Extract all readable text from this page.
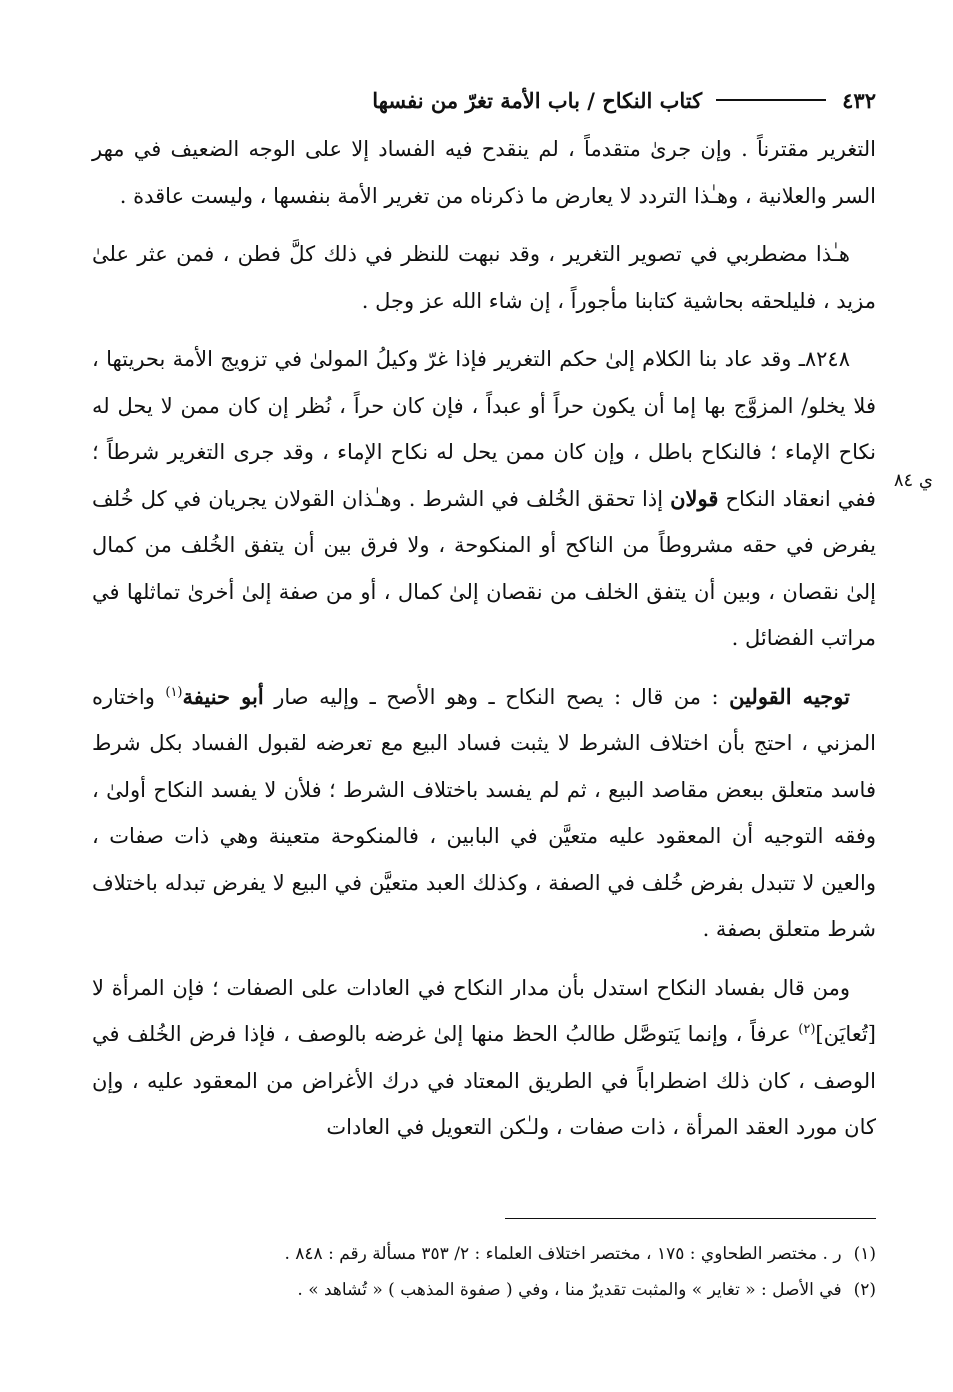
٤٣٢
كتاب النكاح / باب الأمة تغرّ من نفسها
ي ٨٤

التغرير مقترناً . وإن جرىٰ متقدماً ، لم ينقدح فيه الفساد إلا على الوجه الضعيف في مهر السر والعلانية ، وهـٰذا التردد لا يعارض ما ذكرناه من تغرير الأمة بنفسها ، وليست عاقدة .

هـٰذا مضطربي في تصوير التغرير ، وقد نبهت للنظر في ذلك كلَّ فطن ، فمن عثر علىٰ مزيد ، فليلحقه بحاشية كتابنا مأجوراً ، إن شاء الله عز وجل .

٨٢٤٨ـ وقد عاد بنا الكلام إلىٰ حكم التغرير فإذا غرّ وكيلُ المولىٰ في تزويج الأمة بحريتها ، فلا يخلو/ المزوَّج بها إما أن يكون حراً أو عبداً ، فإن كان حراً ، نُظر إن كان ممن لا يحل له نكاح الإماء ؛ فالنكاح باطل ، وإن كان ممن يحل له نكاح الإماء ، وقد جرى التغرير شرطاً ؛ ففي انعقاد النكاح قولان إذا تحقق الخُلف في الشرط . وهـٰذان القولان يجريان في كل خُلف يفرض في حقه مشروطاً من الناكح أو المنكوحة ، ولا فرق بين أن يتفق الخُلف من كمال إلىٰ نقصان ، وبين أن يتفق الخلف من نقصان إلىٰ كمال ، أو من صفة إلىٰ أخرىٰ تماثلها في مراتب الفضائل .

توجيه القولين : من قال : يصح النكاح ـ وهو الأصح ـ وإليه صار أبو حنيفة$^{(١)}$ واختاره المزني ، احتج بأن اختلاف الشرط لا يثبت فساد البيع مع تعرضه لقبول الفساد بكل شرط فاسد متعلق ببعض مقاصد البيع ، ثم لم يفسد باختلاف الشرط ؛ فلأن لا يفسد النكاح أولىٰ ، وفقه التوجيه أن المعقود عليه متعيَّن في البابين ، فالمنكوحة متعينة وهي ذات صفات ، والعين لا تتبدل بفرض خُلف في الصفة ، وكذلك العبد متعيَّن في البيع لا يفرض تبدله باختلاف شرط متعلق بصفة .

ومن قال بفساد النكاح استدل بأن مدار النكاح في العادات على الصفات ؛ فإن المرأة لا [تُعايَن]$^{(٢)}$ عرفاً ، وإنما يَتوصَّل طالبُ الحظ منها إلىٰ غرضه بالوصف ، فإذا فرض الخُلف في الوصف ، كان ذلك اضطراباً في الطريق المعتاد في درك الأغراض من المعقود عليه ، وإن كان مورد العقد المرأة ، ذات صفات ، ولـٰكن التعويل في العادات

(١)ر . مختصر الطحاوي : ١٧٥ ، مختصر اختلاف العلماء : ٢/ ٣٥٣ مسألة رقم : ٨٤٨ .

(٢)في الأصل : « تغاير » والمثبت تقديرٌ منا ، وفي ( صفوة المذهب ) « تُشاهد » .
